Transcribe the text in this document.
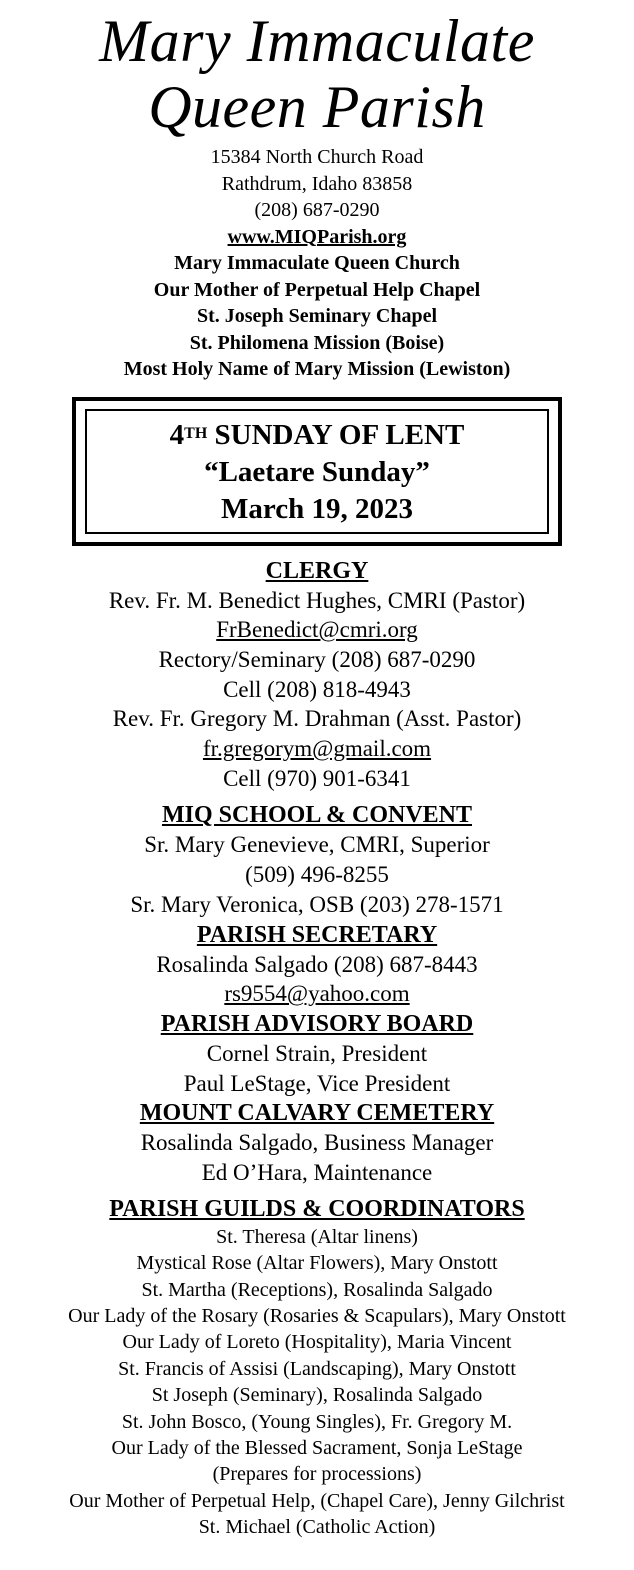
Mary Immaculate
Queen Parish
15384 North Church Road
Rathdrum, Idaho 83858
(208) 687-0290
www.MIQParish.org
Mary Immaculate Queen Church
Our Mother of Perpetual Help Chapel
St. Joseph Seminary Chapel
St. Philomena Mission (Boise)
Most Holy Name of Mary Mission (Lewiston)
4TH SUNDAY OF LENT
“Laetare Sunday”
March 19, 2023
CLERGY
Rev. Fr. M. Benedict Hughes, CMRI (Pastor)
FrBenedict@cmri.org
Rectory/Seminary (208) 687-0290
Cell (208) 818-4943
Rev. Fr. Gregory M. Drahman (Asst. Pastor)
fr.gregorym@gmail.com
Cell (970) 901-6341
MIQ SCHOOL & CONVENT
Sr. Mary Genevieve, CMRI, Superior
(509) 496-8255
Sr. Mary Veronica, OSB (203) 278-1571
PARISH SECRETARY
Rosalinda Salgado (208) 687-8443
rs9554@yahoo.com
PARISH ADVISORY BOARD
Cornel Strain, President
Paul LeStage, Vice President
MOUNT CALVARY CEMETERY
Rosalinda Salgado, Business Manager
Ed O’Hara, Maintenance
PARISH GUILDS & COORDINATORS
St. Theresa (Altar linens)
Mystical Rose (Altar Flowers), Mary Onstott
St. Martha (Receptions), Rosalinda Salgado
Our Lady of the Rosary (Rosaries & Scapulars), Mary Onstott
Our Lady of Loreto (Hospitality), Maria Vincent
St. Francis of Assisi (Landscaping), Mary Onstott
St Joseph (Seminary), Rosalinda Salgado
St. John Bosco, (Young Singles), Fr. Gregory M.
Our Lady of the Blessed Sacrament, Sonja LeStage
(Prepares for processions)
Our Mother of Perpetual Help, (Chapel Care), Jenny Gilchrist
St. Michael (Catholic Action)
